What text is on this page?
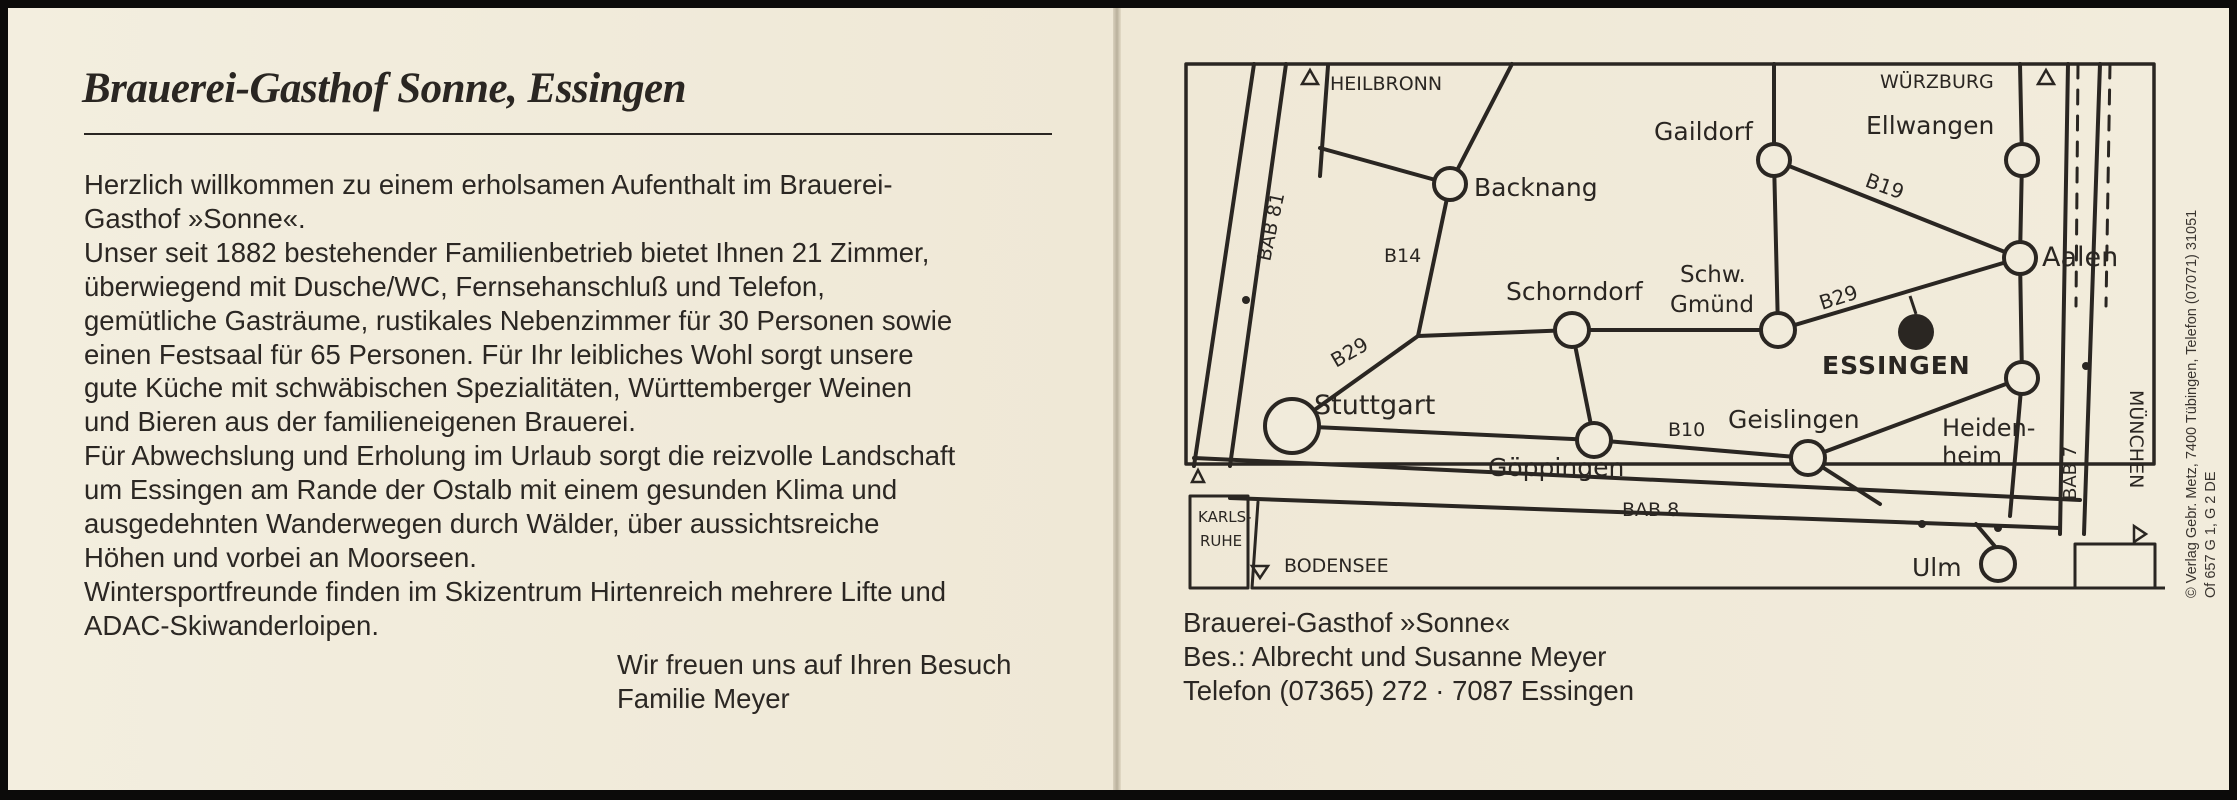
Brauerei-Gasthof Sonne, Essingen
Herzlich willkommen zu einem erholsamen Aufenthalt im Brauerei-
Gasthof »Sonne«.
Unser seit 1882 bestehender Familienbetrieb bietet Ihnen 21 Zimmer,
überwiegend mit Dusche/WC, Fernsehanschluß und Telefon,
gemütliche Gasträume, rustikales Nebenzimmer für 30 Personen sowie
einen Festsaal für 65 Personen. Für Ihr leibliches Wohl sorgt unsere
gute Küche mit schwäbischen Spezialitäten, Württemberger Weinen
und Bieren aus der familieneigenen Brauerei.
Für Abwechslung und Erholung im Urlaub sorgt die reizvolle Landschaft
um Essingen am Rande der Ostalb mit einem gesunden Klima und
ausgedehnten Wanderwegen durch Wälder, über aussichtsreiche
Höhen und vorbei an Moorseen.
Wintersportfreunde finden im Skizentrum Hirtenreich mehrere Lifte und
ADAC-Skiwanderloipen.
Wir freuen uns auf Ihren Besuch
Familie Meyer
HEILBRONN	WÜRZBURG
KARLS-
RUHE
BODENSEE
MÜNCHEN
Backnang
Gaildorf	Ellwangen
Aalen
Schorndorf
Schw.
Gmünd
Stuttgart
Göppingen
Geislingen	Heiden-
heim
Ulm
ESSINGEN
BAB 81
BAB 8
BAB 7
B14
B29
B29
B19
B10
Brauerei-Gasthof »Sonne«
Bes.: Albrecht und Susanne Meyer
Telefon (07365) 272 · 7087 Essingen
© Verlag Gebr. Metz, 7400 Tübingen, Telefon (07071) 31051 Of 657 G 1, G 2 DE
